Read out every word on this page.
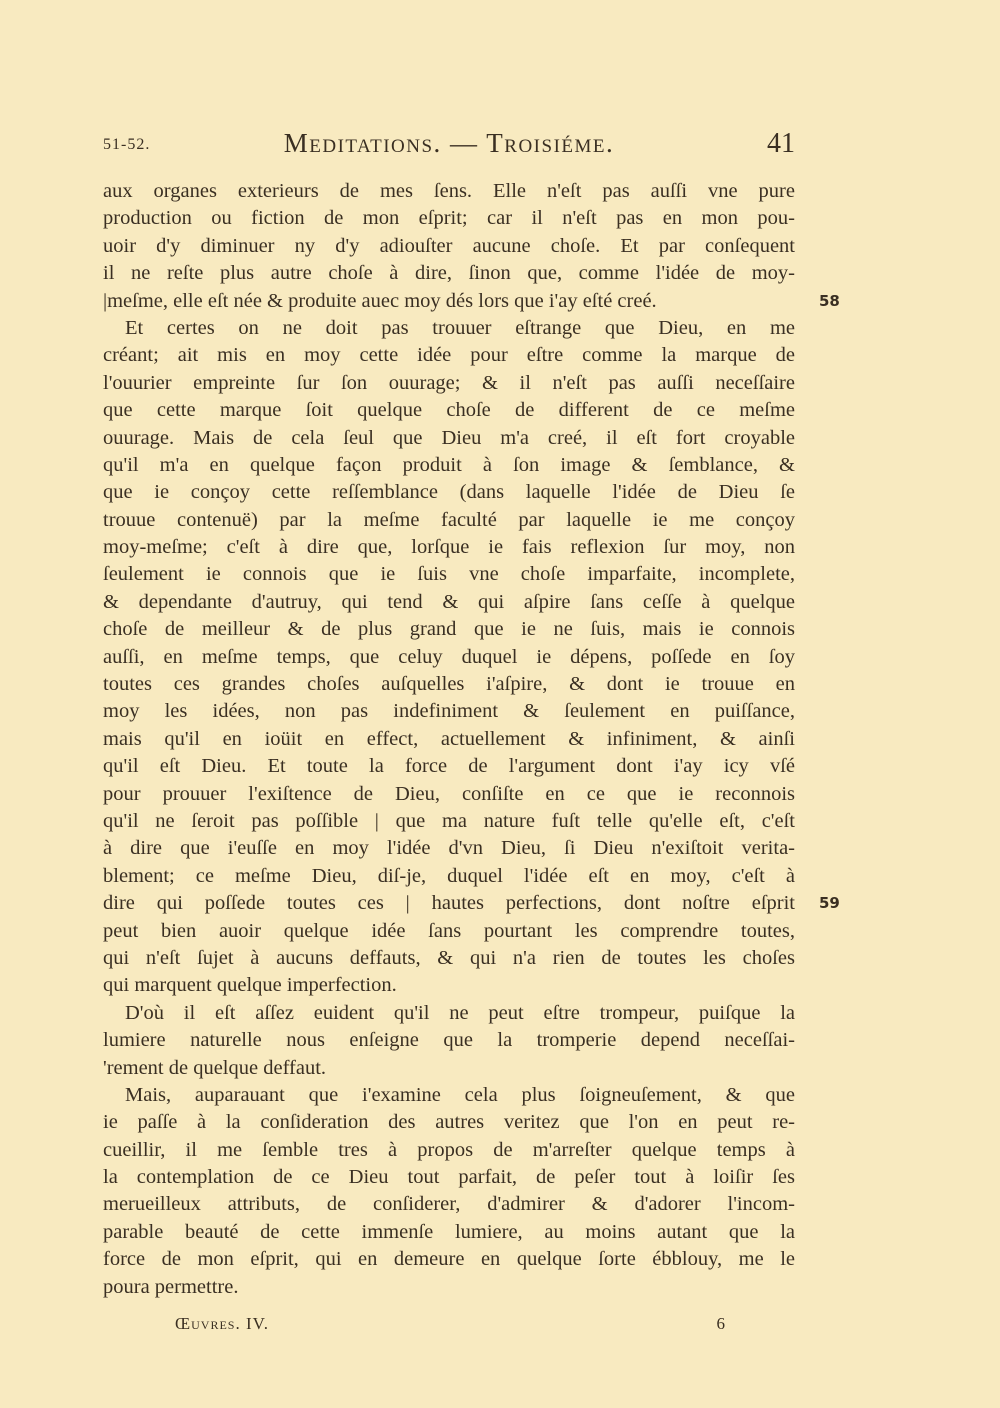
51-52.	Meditations. — Troisiéme.	41
aux organes exterieurs de mes ſens. Elle n'eſt pas auſſi vne pure
production ou fiction de mon eſprit; car il n'eſt pas en mon pou-
uoir d'y diminuer ny d'y adiouſter aucune choſe. Et par conſequent
il ne reſte plus autre choſe à dire, ſinon que, comme l'idée de moy-
|meſme, elle eſt née & produite auec moy dés lors que i'ay eſté creé.	58
Et certes on ne doit pas trouuer eſtrange que Dieu, en me
créant; ait mis en moy cette idée pour eſtre comme la marque de
l'ouurier empreinte ſur ſon ouurage; & il n'eſt pas auſſi neceſſaire
que cette marque ſoit quelque choſe de different de ce meſme
ouurage. Mais de cela ſeul que Dieu m'a creé, il eſt fort croyable
qu'il m'a en quelque façon produit à ſon image & ſemblance, &
que ie conçoy cette reſſemblance (dans laquelle l'idée de Dieu ſe
trouue contenuë) par la meſme faculté par laquelle ie me conçoy
moy-meſme; c'eſt à dire que, lorſque ie fais reflexion ſur moy, non
ſeulement ie connois que ie ſuis vne choſe imparfaite, incomplete,
& dependante d'autruy, qui tend & qui aſpire ſans ceſſe à quelque
choſe de meilleur & de plus grand que ie ne ſuis, mais ie connois
auſſi, en meſme temps, que celuy duquel ie dépens, poſſede en ſoy
toutes ces grandes choſes auſquelles i'aſpire, & dont ie trouue en
moy les idées, non pas indefiniment & ſeulement en puiſſance,
mais qu'il en ioüit en effect, actuellement & infiniment, & ainſi
qu'il eſt Dieu. Et toute la force de l'argument dont i'ay icy vſé
pour prouuer l'exiſtence de Dieu, conſiſte en ce que ie reconnois
qu'il ne ſeroit pas poſſible | que ma nature fuſt telle qu'elle eſt, c'eſt
à dire que i'euſſe en moy l'idée d'vn Dieu, ſi Dieu n'exiſtoit verita-
blement; ce meſme Dieu, diſ-je, duquel l'idée eſt en moy, c'eſt à
dire qui poſſede toutes ces | hautes perfections, dont noſtre eſprit 59
peut bien auoir quelque idée ſans pourtant les comprendre toutes,
qui n'eſt ſujet à aucuns deffauts, & qui n'a rien de toutes les choſes
qui marquent quelque imperfection.
D'où il eſt aſſez euident qu'il ne peut eſtre trompeur, puiſque la
lumiere naturelle nous enſeigne que la tromperie depend neceſſai-
'rement de quelque deffaut.
Mais, auparauant que i'examine cela plus ſoigneuſement, & que
ie paſſe à la conſideration des autres veritez que l'on en peut re-
cueillir, il me ſemble tres à propos de m'arreſter quelque temps à
la contemplation de ce Dieu tout parfait, de peſer tout à loiſir ſes
merueilleux attributs, de conſiderer, d'admirer & d'adorer l'incom-
parable beauté de cette immenſe lumiere, au moins autant que la
force de mon eſprit, qui en demeure en quelque ſorte ébblouy, me le
poura permettre.
Œuvres. IV.	6
